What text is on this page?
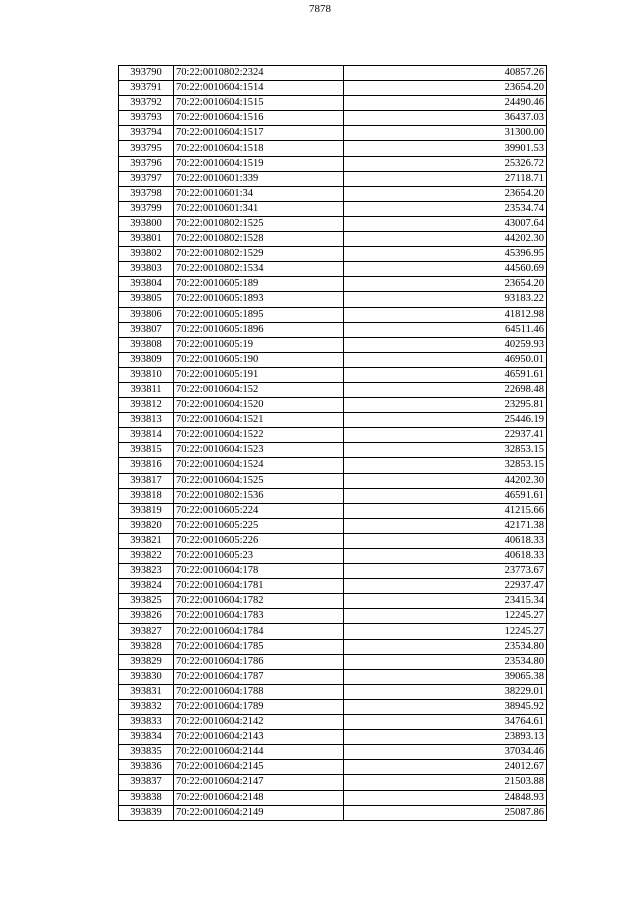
7878
393790	70:22:0010802:2324	40857.26
393791	70:22:0010604:1514	23654.20
393792	70:22:0010604:1515	24490.46
393793	70:22:0010604:1516	36437.03
393794	70:22:0010604:1517	31300.00
393795	70:22:0010604:1518	39901.53
393796	70:22:0010604:1519	25326.72
393797	70:22:0010601:339	27118.71
393798	70:22:0010601:34	23654.20
393799	70:22:0010601:341	23534.74
393800	70:22:0010802:1525	43007.64
393801	70:22:0010802:1528	44202.30
393802	70:22:0010802:1529	45396.95
393803	70:22:0010802:1534	44560.69
393804	70:22:0010605:189	23654.20
393805	70:22:0010605:1893	93183.22
393806	70:22:0010605:1895	41812.98
393807	70:22:0010605:1896	64511.46
393808	70:22:0010605:19	40259.93
393809	70:22:0010605:190	46950.01
393810	70:22:0010605:191	46591.61
393811	70:22:0010604:152	22698.48
393812	70:22:0010604:1520	23295.81
393813	70:22:0010604:1521	25446.19
393814	70:22:0010604:1522	22937.41
393815	70:22:0010604:1523	32853.15
393816	70:22:0010604:1524	32853.15
393817	70:22:0010604:1525	44202.30
393818	70:22:0010802:1536	46591.61
393819	70:22:0010605:224	41215.66
393820	70:22:0010605:225	42171.38
393821	70:22:0010605:226	40618.33
393822	70:22:0010605:23	40618.33
393823	70:22:0010604:178	23773.67
393824	70:22:0010604:1781	22937.47
393825	70:22:0010604:1782	23415.34
393826	70:22:0010604:1783	12245.27
393827	70:22:0010604:1784	12245.27
393828	70:22:0010604:1785	23534.80
393829	70:22:0010604:1786	23534.80
393830	70:22:0010604:1787	39065.38
393831	70:22:0010604:1788	38229.01
393832	70:22:0010604:1789	38945.92
393833	70:22:0010604:2142	34764.61
393834	70:22:0010604:2143	23893.13
393835	70:22:0010604:2144	37034.46
393836	70:22:0010604:2145	24012.67
393837	70:22:0010604:2147	21503.88
393838	70:22:0010604:2148	24848.93
393839	70:22:0010604:2149	25087.86
